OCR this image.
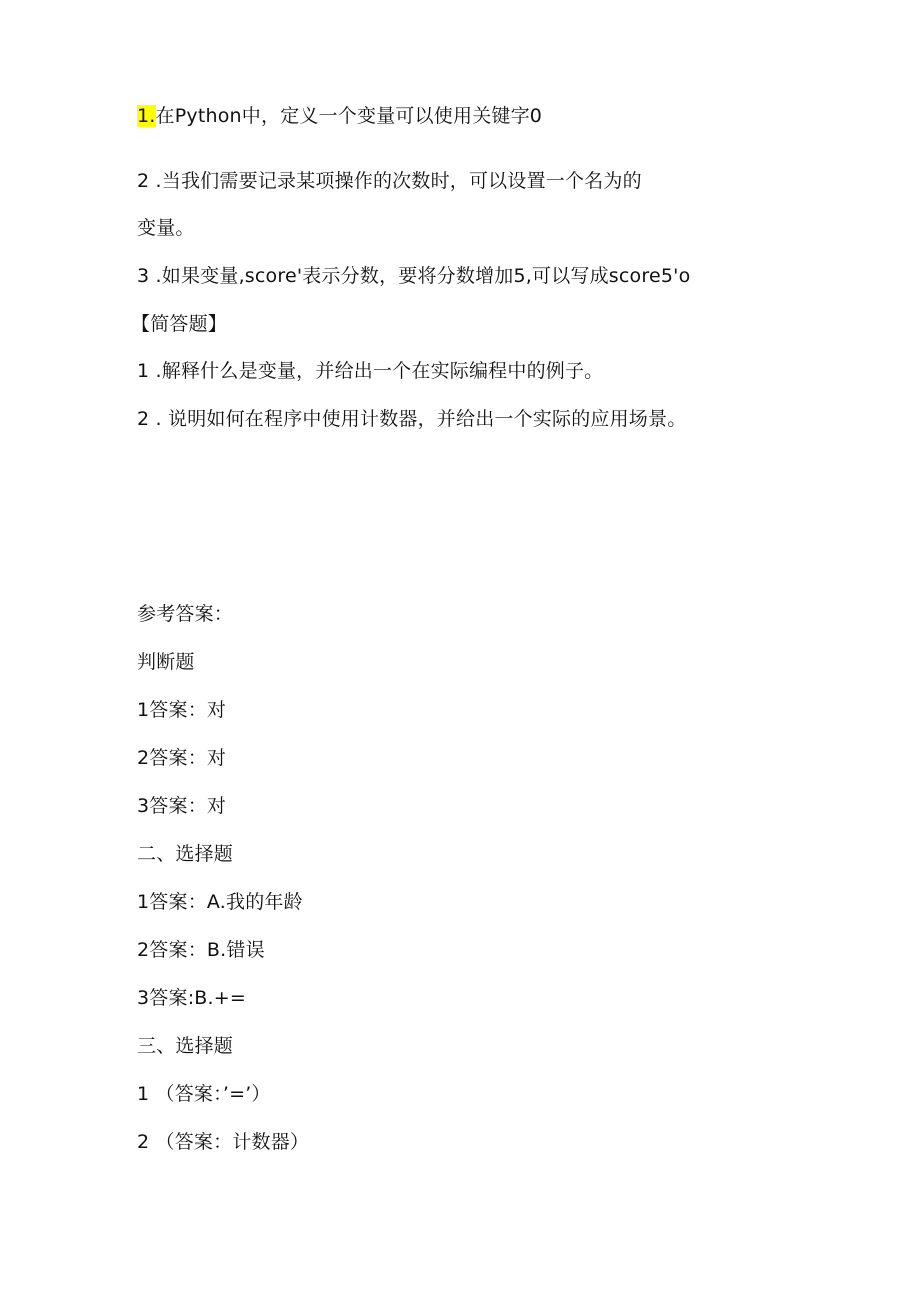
1.在Python中，定义一个变量可以使用关键字0
2 .当我们需要记录某项操作的次数时，可以设置一个名为的
变量。
3 .如果变量,score'表示分数，要将分数增加5,可以写成score5'o
【简答题】
1 .解释什么是变量，并给出一个在实际编程中的例子。
2 . 说明如何在程序中使用计数器，并给出一个实际的应用场景。
参考答案：
判断题
1答案：对
2答案：对
3答案：对
二、选择题
1答案：A.我的年龄
2答案：B.错误
3答案:B.+=
三、选择题
1 （答案：’=’）
2 （答案：计数器）
